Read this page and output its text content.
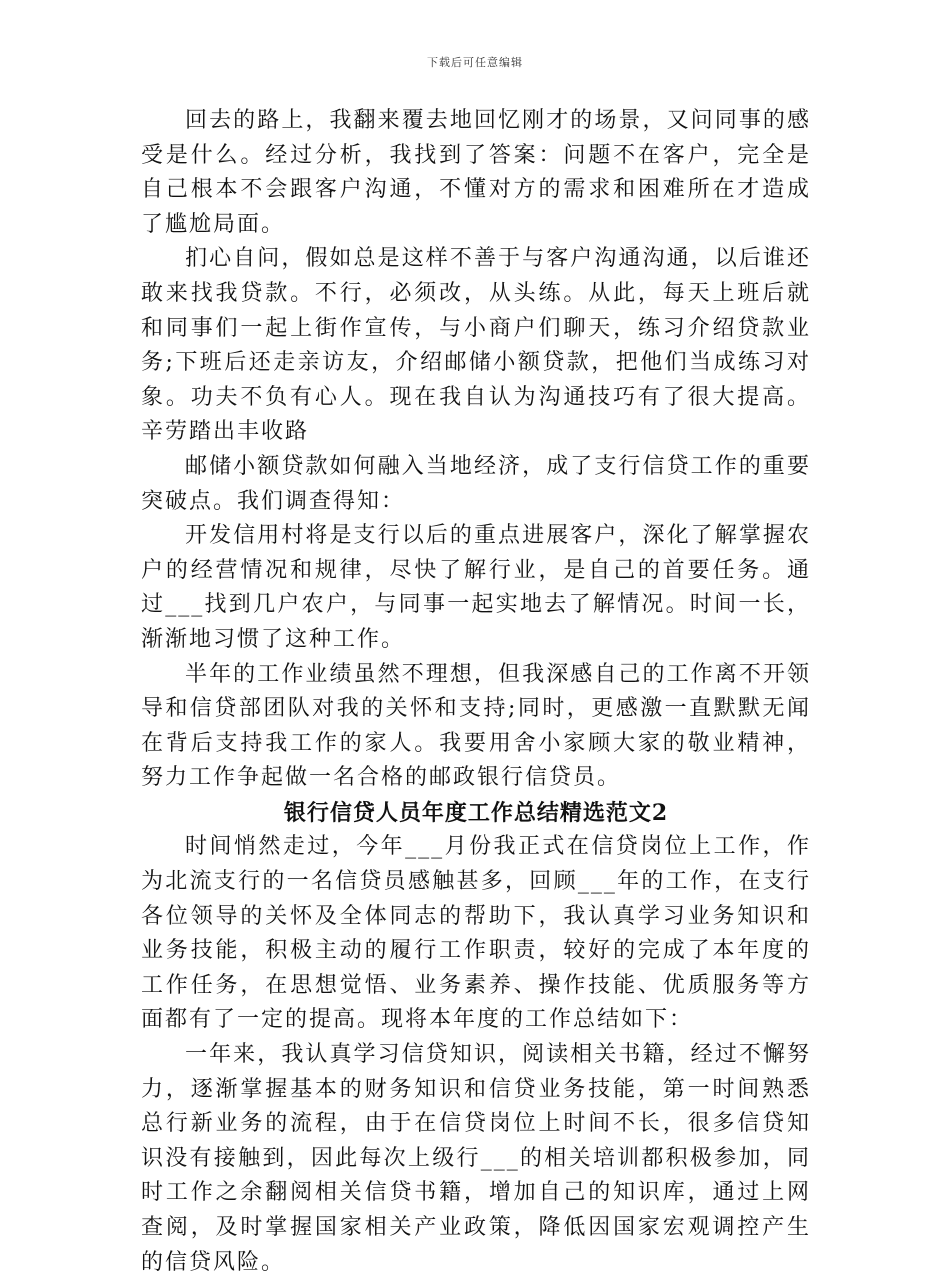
下载后可任意编辑

回去的路上，我翻来覆去地回忆刚才的场景，又问同事的感受是什么。经过分析，我找到了答案：问题不在客户，完全是自己根本不会跟客户沟通，不懂对方的需求和困难所在才造成了尴尬局面。

扪心自问，假如总是这样不善于与客户沟通沟通，以后谁还敢来找我贷款。不行，必须改，从头练。从此，每天上班后就和同事们一起上街作宣传，与小商户们聊天，练习介绍贷款业务;下班后还走亲访友，介绍邮储小额贷款，把他们当成练习对象。功夫不负有心人。现在我自认为沟通技巧有了很大提高。辛劳踏出丰收路

邮储小额贷款如何融入当地经济，成了支行信贷工作的重要突破点。我们调查得知：

开发信用村将是支行以后的重点进展客户，深化了解掌握农户的经营情况和规律，尽快了解行业，是自己的首要任务。通过___找到几户农户，与同事一起实地去了解情况。时间一长，渐渐地习惯了这种工作。

半年的工作业绩虽然不理想，但我深感自己的工作离不开领导和信贷部团队对我的关怀和支持;同时，更感激一直默默无闻在背后支持我工作的家人。我要用舍小家顾大家的敬业精神，努力工作争起做一名合格的邮政银行信贷员。

银行信贷人员年度工作总结精选范文2

时间悄然走过，今年___月份我正式在信贷岗位上工作，作为北流支行的一名信贷员感触甚多，回顾___年的工作，在支行各位领导的关怀及全体同志的帮助下，我认真学习业务知识和业务技能，积极主动的履行工作职责，较好的完成了本年度的工作任务，在思想觉悟、业务素养、操作技能、优质服务等方面都有了一定的提高。现将本年度的工作总结如下：

一年来，我认真学习信贷知识，阅读相关书籍，经过不懈努力，逐渐掌握基本的财务知识和信贷业务技能，第一时间熟悉总行新业务的流程，由于在信贷岗位上时间不长，很多信贷知识没有接触到，因此每次上级行___的相关培训都积极参加，同时工作之余翻阅相关信贷书籍，增加自己的知识库，通过上网查阅，及时掌握国家相关产业政策，降低因国家宏观调控产生的信贷风险。
